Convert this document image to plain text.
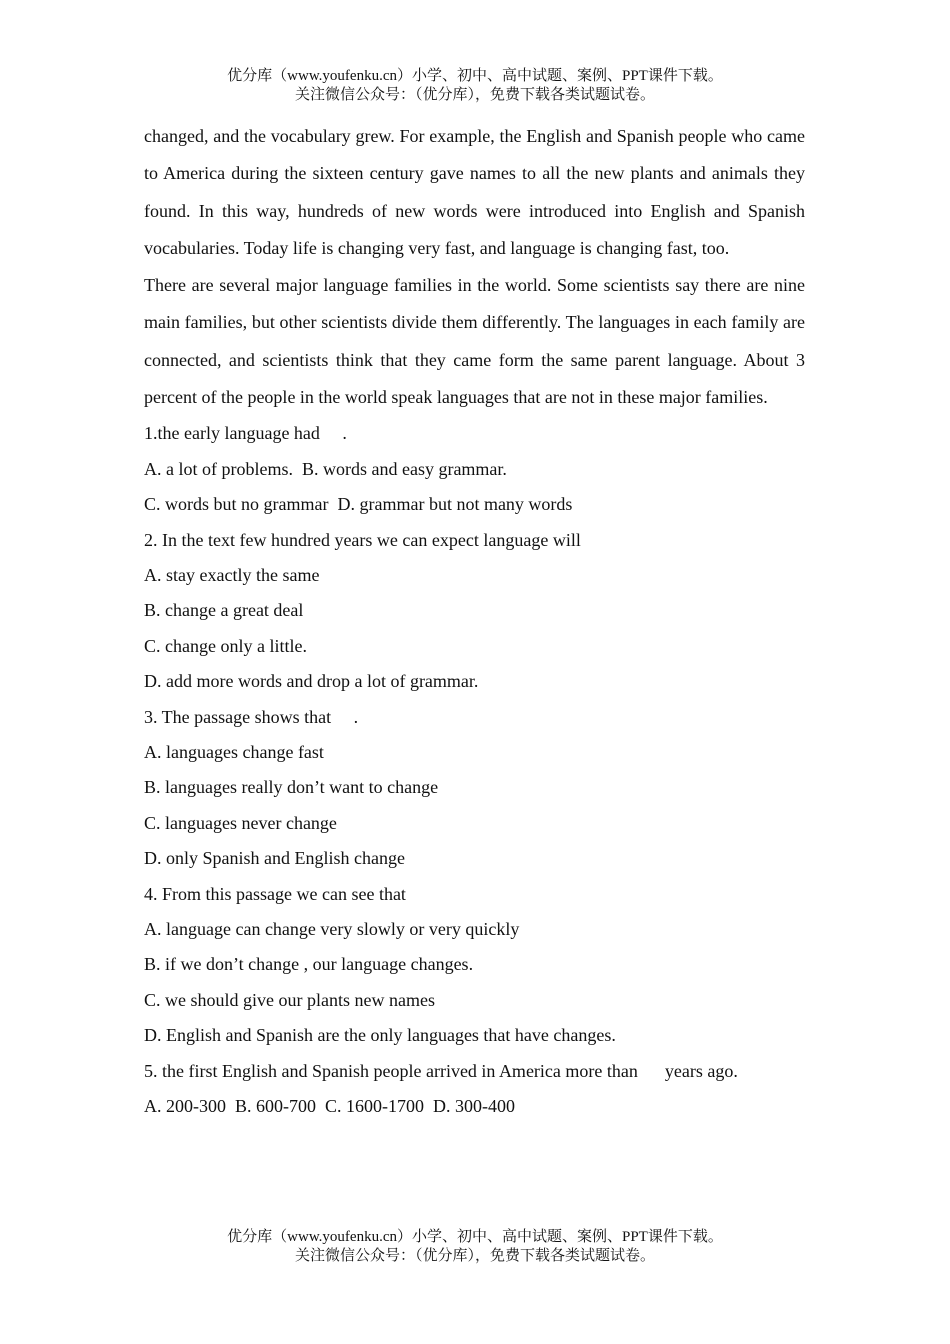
优分库（www.youfenku.cn）小学、初中、高中试题、案例、PPT课件下载。
关注微信公众号：（优分库），免费下载各类试题试卷。

changed, and the vocabulary grew. For example, the English and Spanish people who came to America during the sixteen century gave names to all the new plants and animals they found. In this way, hundreds of new words were introduced into English and Spanish vocabularies. Today life is changing very fast, and language is changing fast, too.

There are several major language families in the world. Some scientists say there are nine main families, but other scientists divide them differently. The languages in each family are connected, and scientists think that they came form the same parent language. About 3 percent of the people in the world speak languages that are not in these major families.

1.the early language had     .

A. a lot of problems.  B. words and easy grammar.

C. words but no grammar  D. grammar but not many words

2. In the text few hundred years we can expect language will

A. stay exactly the same

B. change a great deal

C. change only a little.

D. add more words and drop a lot of grammar.

3. The passage shows that     .

A. languages change fast

B. languages really don’t want to change

C. languages never change

D. only Spanish and English change

4. From this passage we can see that

A. language can change very slowly or very quickly

B. if we don’t change , our language changes.

C. we should give our plants new names

D. English and Spanish are the only languages that have changes.

5. the first English and Spanish people arrived in America more than      years ago.

A. 200-300  B. 600-700  C. 1600-1700  D. 300-400

优分库（www.youfenku.cn）小学、初中、高中试题、案例、PPT课件下载。
关注微信公众号：（优分库），免费下载各类试题试卷。
